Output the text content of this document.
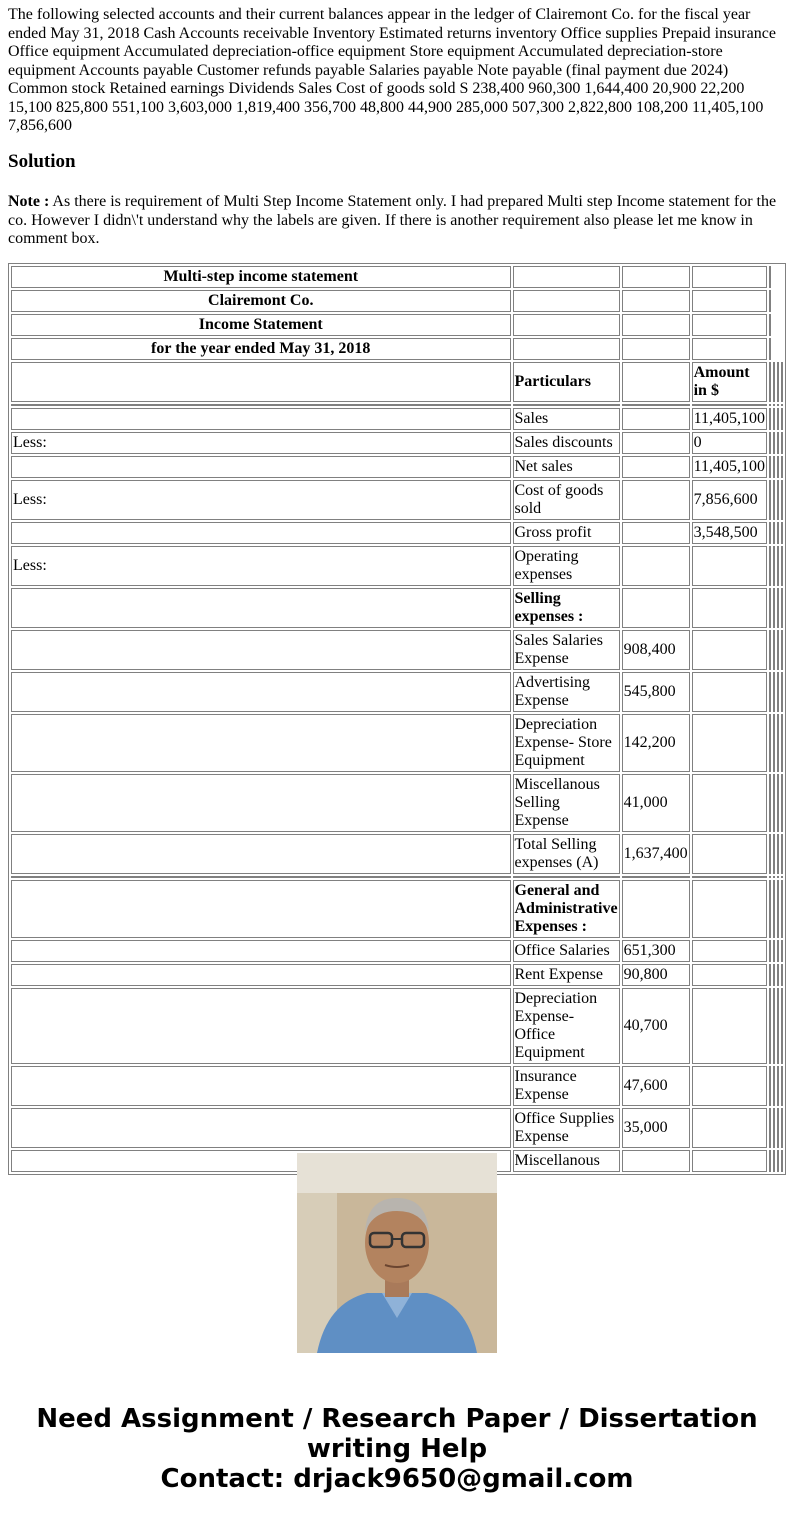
The following selected accounts and their current balances appear in the ledger of Clairemont Co. for the fiscal year ended May 31, 2018 Cash Accounts receivable Inventory Estimated returns inventory Office supplies Prepaid insurance Office equipment Accumulated depreciation-office equipment Store equipment Accumulated depreciation-store equipment Accounts payable Customer refunds payable Salaries payable Note payable (final payment due 2024) Common stock Retained earnings Dividends Sales Cost of goods sold S 238,400 960,300 1,644,400 20,900 22,200 15,100 825,800 551,100 3,603,000 1,819,400 356,700 48,800 44,900 285,000 507,300 2,822,800 108,200 11,405,100 7,856,600

Solution

Note : As there is requirement of Multi Step Income Statement only. I had prepared Multi step Income statement for the co. However I didn\'t understand why the labels are given. If there is another requirement also please let me know in comment box.

Multi-step income statement							
Clairemont Co.							
Income Statement							
for the year ended May 31, 2018							
	Particulars		Amount in $				

	Sales		11,405,100				
Less:	Sales discounts		0				
	Net sales		11,405,100				
Less:	Cost of goods sold		7,856,600				
	Gross profit		3,548,500				
Less:	Operating expenses						
	Selling expenses :						
	Sales Salaries Expense	908,400					
	Advertising Expense	545,800					
	Depreciation Expense- Store Equipment	142,200					
	Miscellanous Selling Expense	41,000					
	Total Selling expenses (A)	1,637,400					

	General and Administrative Expenses :						
	Office Salaries	651,300					
	Rent Expense	90,800					
	Depreciation Expense- Office Equipment	40,700					
	Insurance Expense	47,600					
	Office Supplies Expense	35,000					
	Miscellanous						
Need Assignment / Research Paper / Dissertation writing Help
Contact: drjack9650@gmail.com
